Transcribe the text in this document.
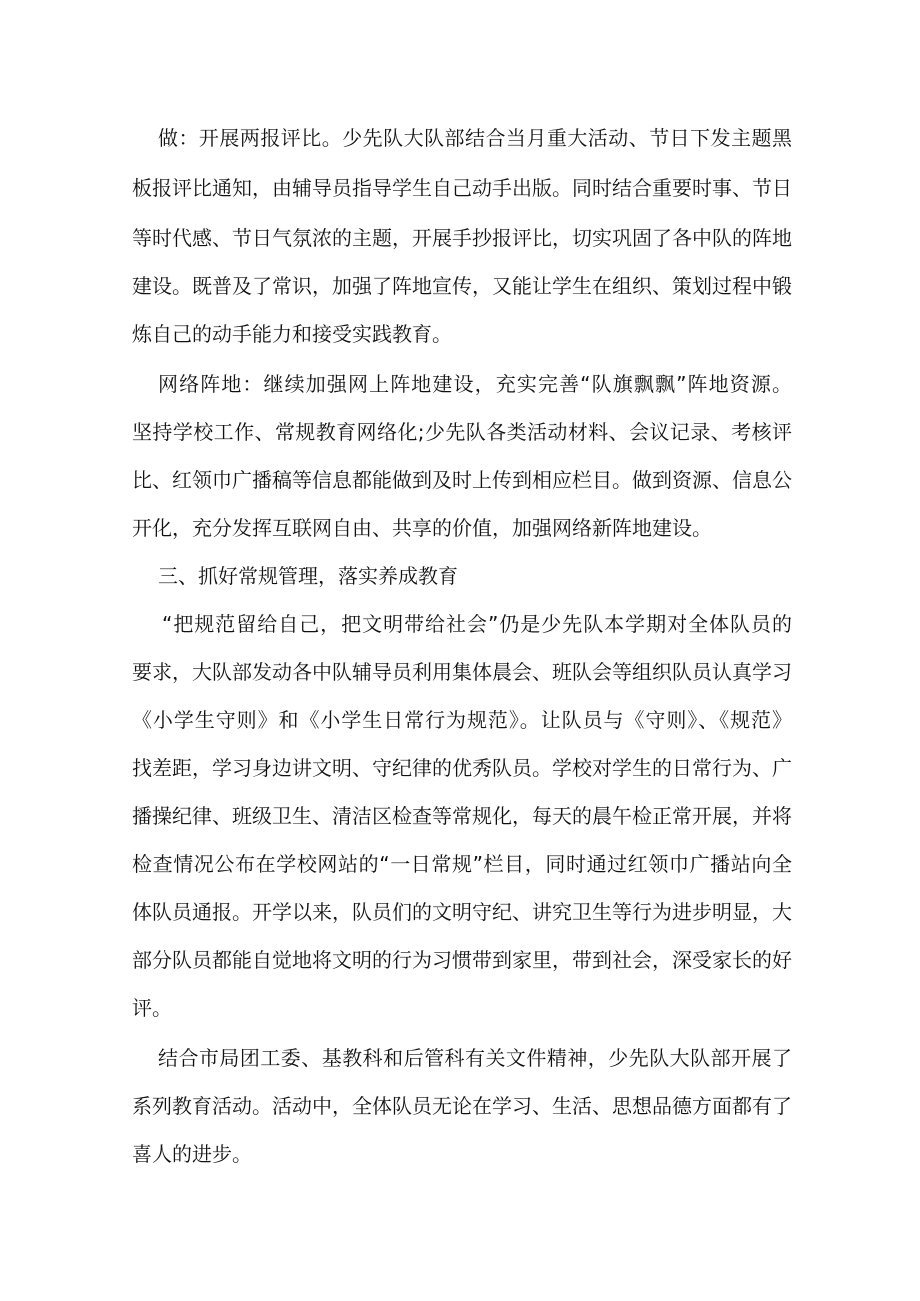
做：开展两报评比。少先队大队部结合当月重大活动、节日下发主题黑
板报评比通知，由辅导员指导学生自己动手出版。同时结合重要时事、节日
等时代感、节日气氛浓的主题，开展手抄报评比，切实巩固了各中队的阵地
建设。既普及了常识，加强了阵地宣传，又能让学生在组织、策划过程中锻
炼自己的动手能力和接受实践教育。
网络阵地：继续加强网上阵地建设，充实完善“队旗飘飘”阵地资源。
坚持学校工作、常规教育网络化;少先队各类活动材料、会议记录、考核评
比、红领巾广播稿等信息都能做到及时上传到相应栏目。做到资源、信息公
开化，充分发挥互联网自由、共享的价值，加强网络新阵地建设。
三、抓好常规管理，落实养成教育
“把规范留给自己，把文明带给社会”仍是少先队本学期对全体队员的
要求，大队部发动各中队辅导员利用集体晨会、班队会等组织队员认真学习
《小学生守则》和《小学生日常行为规范》。让队员与《守则》、《规范》
找差距，学习身边讲文明、守纪律的优秀队员。学校对学生的日常行为、广
播操纪律、班级卫生、清洁区检查等常规化，每天的晨午检正常开展，并将
检查情况公布在学校网站的“一日常规”栏目，同时通过红领巾广播站向全
体队员通报。开学以来，队员们的文明守纪、讲究卫生等行为进步明显，大
部分队员都能自觉地将文明的行为习惯带到家里，带到社会，深受家长的好
评。
结合市局团工委、基教科和后管科有关文件精神，少先队大队部开展了
系列教育活动。活动中，全体队员无论在学习、生活、思想品德方面都有了
喜人的进步。
